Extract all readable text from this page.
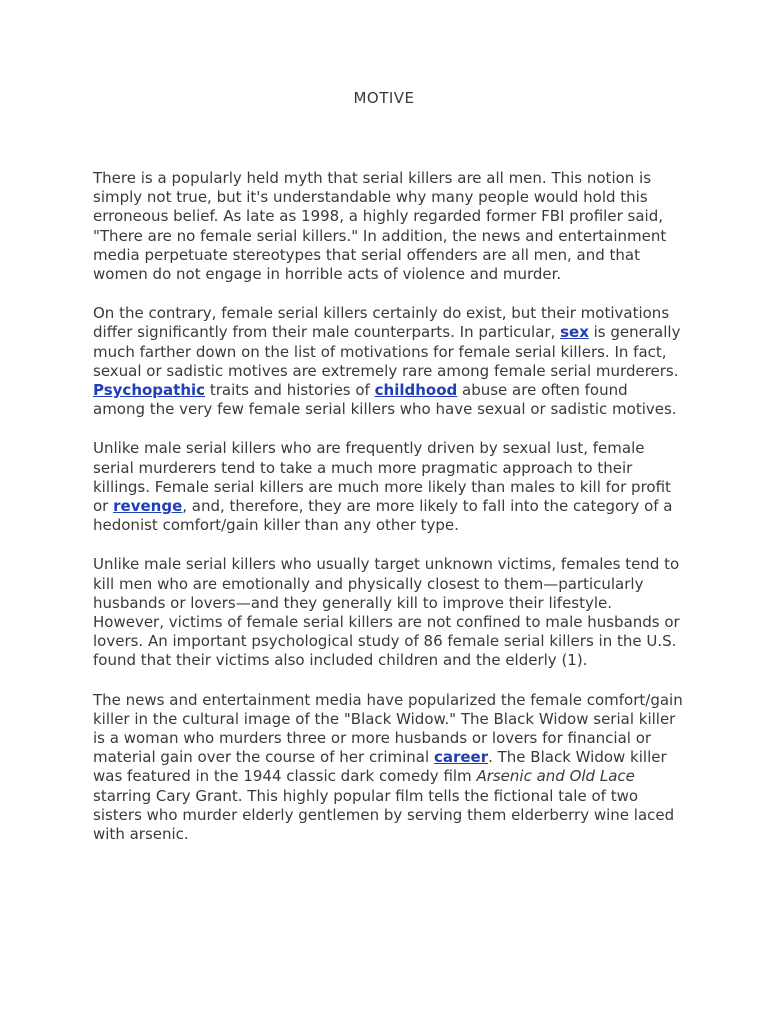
MOTIVE

There is a popularly held myth that serial killers are all men. This notion is simply not true, but it's understandable why many people would hold this erroneous belief. As late as 1998, a highly regarded former FBI profiler said, "There are no female serial killers." In addition, the news and entertainment media perpetuate stereotypes that serial offenders are all men, and that women do not engage in horrible acts of violence and murder.

On the contrary, female serial killers certainly do exist, but their motivations differ significantly from their male counterparts. In particular, sex is generally much farther down on the list of motivations for female serial killers. In fact, sexual or sadistic motives are extremely rare among female serial murderers. Psychopathic traits and histories of childhood abuse are often found among the very few female serial killers who have sexual or sadistic motives.

Unlike male serial killers who are frequently driven by sexual lust, female serial murderers tend to take a much more pragmatic approach to their killings. Female serial killers are much more likely than males to kill for profit or revenge, and, therefore, they are more likely to fall into the category of a hedonist comfort/gain killer than any other type.

Unlike male serial killers who usually target unknown victims, females tend to kill men who are emotionally and physically closest to them—particularly husbands or lovers—and they generally kill to improve their lifestyle. However, victims of female serial killers are not confined to male husbands or lovers. An important psychological study of 86 female serial killers in the U.S. found that their victims also included children and the elderly (1).

The news and entertainment media have popularized the female comfort/gain killer in the cultural image of the "Black Widow." The Black Widow serial killer is a woman who murders three or more husbands or lovers for financial or material gain over the course of her criminal career. The Black Widow killer was featured in the 1944 classic dark comedy film Arsenic and Old Lace starring Cary Grant. This highly popular film tells the fictional tale of two sisters who murder elderly gentlemen by serving them elderberry wine laced with arsenic.
